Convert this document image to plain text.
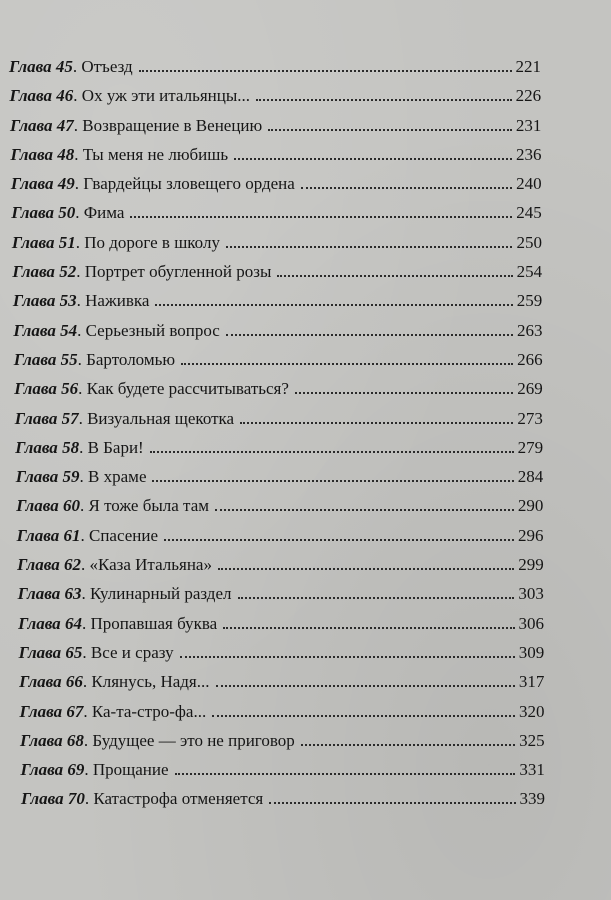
Глава 45. Отъезд	221
Глава 46. Ох уж эти итальянцы...	226
Глава 47. Возвращение в Венецию	231
Глава 48. Ты меня не любишь	236
Глава 49. Гвардейцы зловещего ордена	240
Глава 50. Фима	245
Глава 51. По дороге в школу	250
Глава 52. Портрет обугленной розы	254
Глава 53. Наживка	259
Глава 54. Серьезный вопрос	263
Глава 55. Бартоломью	266
Глава 56. Как будете рассчитываться?	269
Глава 57. Визуальная щекотка	273
Глава 58. В Бари!	279
Глава 59. В храме	284
Глава 60. Я тоже была там	290
Глава 61. Спасение	296
Глава 62. «Каза Итальяна»	299
Глава 63. Кулинарный раздел	303
Глава 64. Пропавшая буква	306
Глава 65. Все и сразу	309
Глава 66. Клянусь, Надя...	317
Глава 67. Ка-та-стро-фа...	320
Глава 68. Будущее — это не приговор	325
Глава 69. Прощание	331
Глава 70. Катастрофа отменяется	339
